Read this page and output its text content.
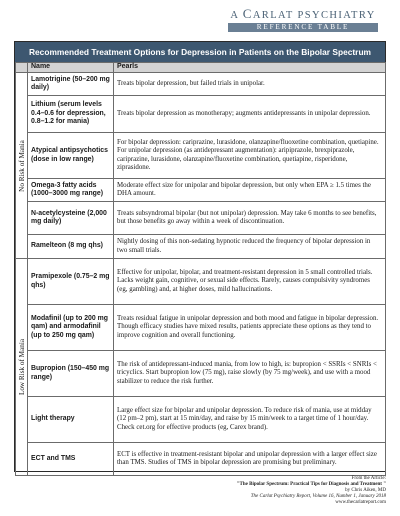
A CARLAT PSYCHIATRY
REFERENCE TABLE
Recommended Treatment Options for Depression in Patients on the Bipolar Spectrum
	Name	Pearls

No Risk of Mania	Lamotrigine (50–200 mg daily)	Treats bipolar depression, but failed trials in unipolar.
	Lithium (serum levels 0.4–0.6 for depression, 0.8–1.2 for mania)	Treats bipolar depression as monotherapy; augments antidepressants in unipolar depression.
	Atypical antipsychotics (dose in low range)	For bipolar depression: cariprazine, lurasidone, olanzapine/fluoxetine combination, quetiapine. For unipolar depression (as antidepressant augmentation): aripiprazole, brexpiprazole, cariprazine, lurasidone, olanzapine/fluoxetine combination, quetiapine, risperidone, ziprasidone.
	Omega-3 fatty acids (1000–3000 mg range)	Moderate effect size for unipolar and bipolar depression, but only when EPA ≥ 1.5 times the DHA amount.
	N-acetylcysteine (2,000 mg daily)	Treats subsyndromal bipolar (but not unipolar) depression. May take 6 months to see benefits, but those benefits go away within a week of discontinuation.
	Ramelteon (8 mg qhs)	Nightly dosing of this non-sedating hypnotic reduced the frequency of bipolar depression in two small trials.

Low Risk of Mania	Pramipexole (0.75–2 mg qhs)	Effective for unipolar, bipolar, and treatment-resistant depression in 5 small controlled trials. Lacks weight gain, cognitive, or sexual side effects. Rarely, causes compulsivity syndromes (eg, gambling) and, at higher doses, mild hallucinations.
	Modafinil (up to 200 mg qam) and armodafinil (up to 250 mg qam)	Treats residual fatigue in unipolar depression and both mood and fatigue in bipolar depression. Though efficacy studies have mixed results, patients appreciate these options as they tend to improve cognition and overall functioning.
	Bupropion (150–450 mg range)	The risk of antidepressant-induced mania, from low to high, is: bupropion < SSRIs < SNRIs < tricyclics. Start bupropion low (75 mg), raise slowly (by 75 mg/week), and use with a mood stabilizer to reduce the risk further.
	Light therapy	Large effect size for bipolar and unipolar depression. To reduce risk of mania, use at midday (12 pm–2 pm), start at 15 min/day, and raise by 15 min/week to a target time of 1 hour/day. Check cet.org for effective products (eg, Carex brand).
	ECT and TMS	ECT is effective in treatment-resistant bipolar and unipolar depression with a larger effect size than TMS. Studies of TMS in bipolar depression are promising but preliminary.
From the Article:
"The Bipolar Spectrum: Practical Tips for Diagnosis and Treatment "
by Chris Aiken, MD
The Carlat Psychiatry Report, Volume 16, Number 1, January 2018
www.thecarlatreport.com
